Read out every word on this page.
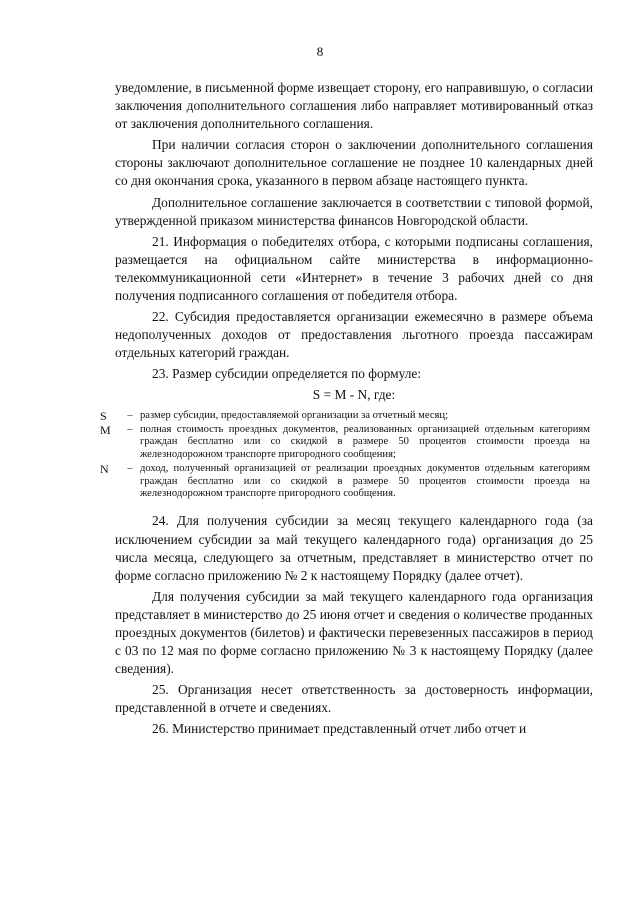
8

уведомление, в письменной форме извещает сторону, его направившую, о согласии заключения дополнительного соглашения либо направляет мотивированный отказ от заключения дополнительного соглашения.

При наличии согласия сторон о заключении дополнительного соглашения стороны заключают дополнительное соглашение не позднее 10 календарных дней со дня окончания срока, указанного в первом абзаце настоящего пункта.

Дополнительное соглашение заключается в соответствии с типовой формой, утвержденной приказом министерства финансов Новгородской области.

21. Информация о победителях отбора, с которыми подписаны соглашения, размещается на официальном сайте министерства в информационно-телекоммуникационной сети «Интернет» в течение 3 рабочих дней со дня получения подписанного соглашения от победителя отбора.

22. Субсидия предоставляется организации ежемесячно в размере объема недополученных доходов от предоставления льготного проезда пассажирам отдельных категорий граждан.

23. Размер субсидии определяется по формуле:

S = M - N, где:
S	– размер субсидии, предоставляемой организации за отчетный месяц;
M	– полная стоимость проездных документов, реализованных организацией отдельным категориям граждан бесплатно или со скидкой в размере 50 процентов стоимости проезда на железнодорожном транспорте пригородного сообщения;
N	– доход, полученный организацией от реализации проездных документов отдельным категориям граждан бесплатно или со скидкой в размере 50 процентов стоимости проезда на железнодорожном транспорте пригородного сообщения.

24. Для получения субсидии за месяц текущего календарного года (за исключением субсидии за май текущего календарного года) организация до 25 числа месяца, следующего за отчетным, представляет в министерство отчет по форме согласно приложению № 2 к настоящему Порядку (далее отчет).

Для получения субсидии за май текущего календарного года организация представляет в министерство до 25 июня отчет и сведения о количестве проданных проездных документов (билетов) и фактически перевезенных пассажиров в период с 03 по 12 мая по форме согласно приложению № 3 к настоящему Порядку (далее сведения).

25. Организация несет ответственность за достоверность информации, представленной в отчете и сведениях.

26. Министерство принимает представленный отчет либо отчет и
